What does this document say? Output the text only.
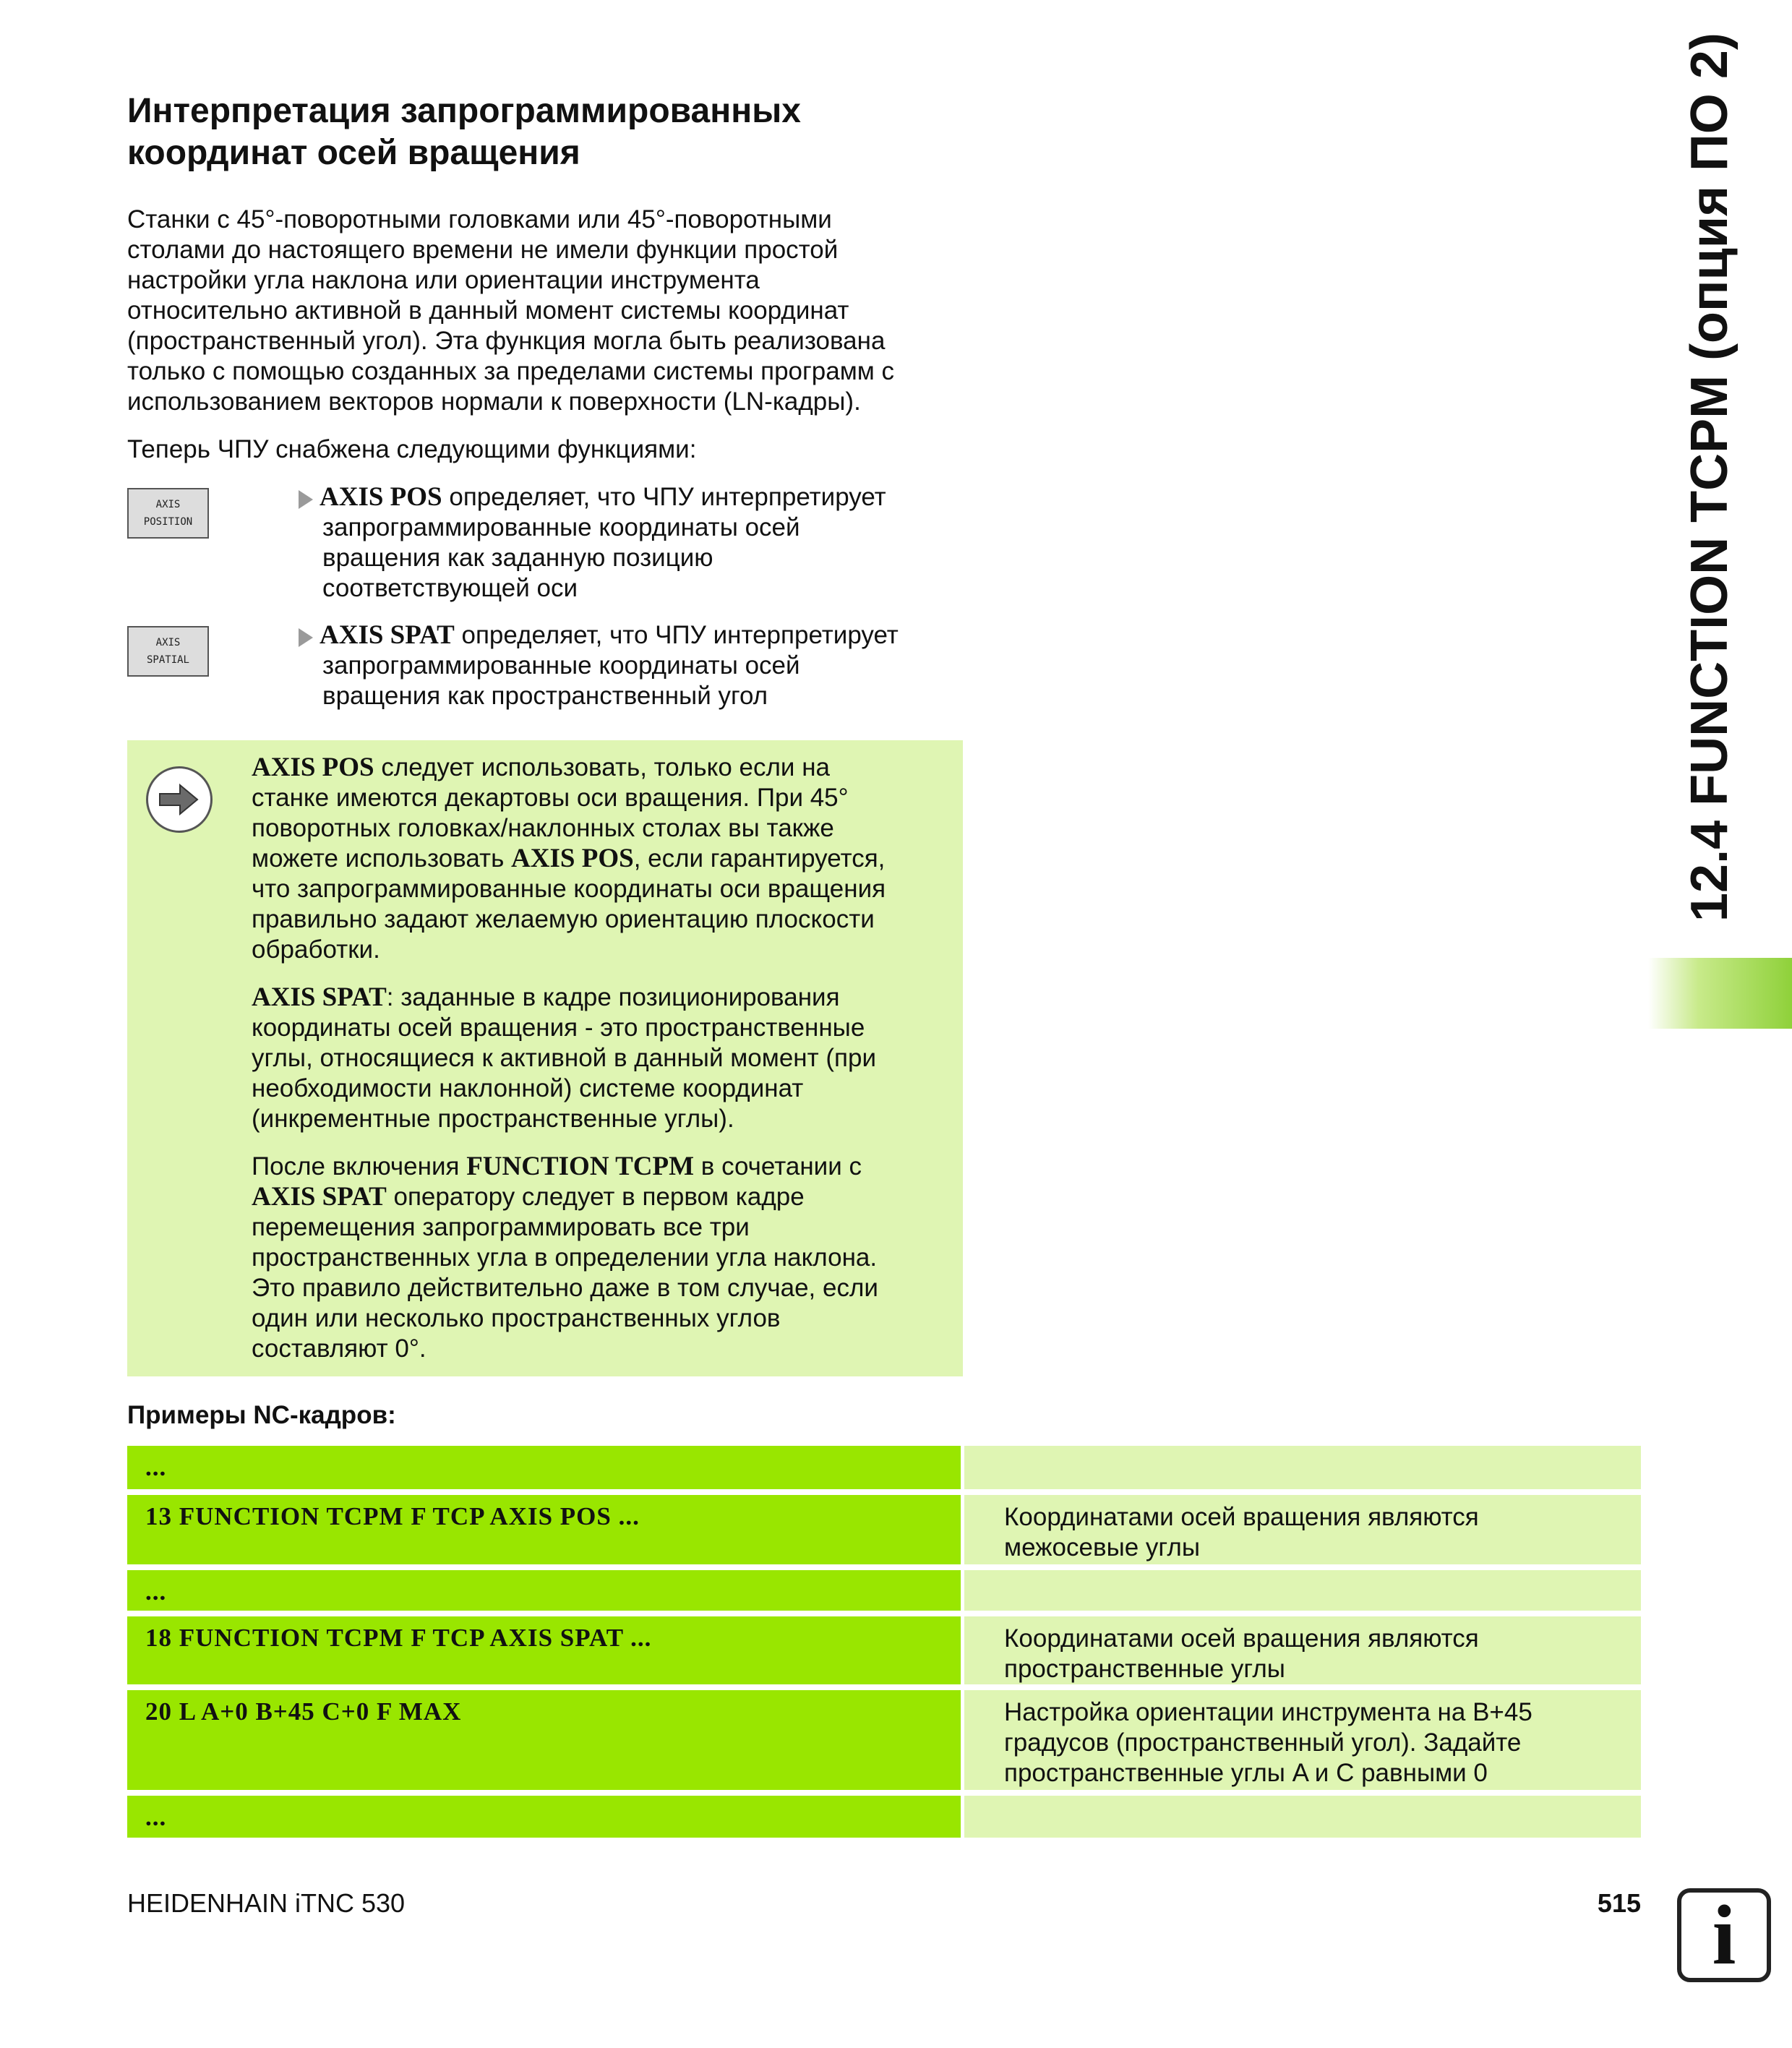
Интерпретация запрограммированных
координат осей вращения
Станки с 45°-поворотными головками или 45°-поворотными
столами до настоящего времени не имели функции простой
настройки угла наклона или ориентации инструмента
относительно активной в данный момент системы координат
(пространственный угол). Эта функция могла быть реализована
только с помощью созданных за пределами системы программ с
использованием векторов нормали к поверхности (LN-кадры).
Теперь ЧПУ снабжена следующими функциями:
AXIS
POSITION
AXIS POS определяет, что ЧПУ интерпретирует
запрограммированные координаты осей
вращения как заданную позицию
соответствующей оси
AXIS
SPATIAL
AXIS SPAT определяет, что ЧПУ интерпретирует
запрограммированные координаты осей
вращения как пространственный угол
AXIS POS следует использовать, только если на
станке имеются декартовы оси вращения. При 45°
поворотных головках/наклонных столах вы также
можете использовать AXIS POS, если гарантируется,
что запрограммированные координаты оси вращения
правильно задают желаемую ориентацию плоскости
обработки.
AXIS SPAT: заданные в кадре позиционирования
координаты осей вращения - это пространственные
углы, относящиеся к активной в данный момент (при
необходимости наклонной) системе координат
(инкрементные пространственные углы).
После включения FUNCTION TCPM в сочетании с
AXIS SPAT оператору следует в первом кадре
перемещения запрограммировать все три
пространственных угла в определении угла наклона.
Это правило действительно даже в том случае, если
один или несколько пространственных углов
составляют 0°.
Примеры NC-кадров:
...
13 FUNCTION TCPM F TCP AXIS POS ...	Координатами осей вращения являются
межосевые углы
...
18 FUNCTION TCPM F TCP AXIS SPAT ...	Координатами осей вращения являются
пространственные углы
20 L A+0 B+45 C+0 F MAX	Настройка ориентации инструмента на B+45
градусов (пространственный угол). Задайте
пространственные углы A и C равными 0
...
12.4 FUNCTION TCPM (опция ПО 2)
HEIDENHAIN iTNC 530	515 i
